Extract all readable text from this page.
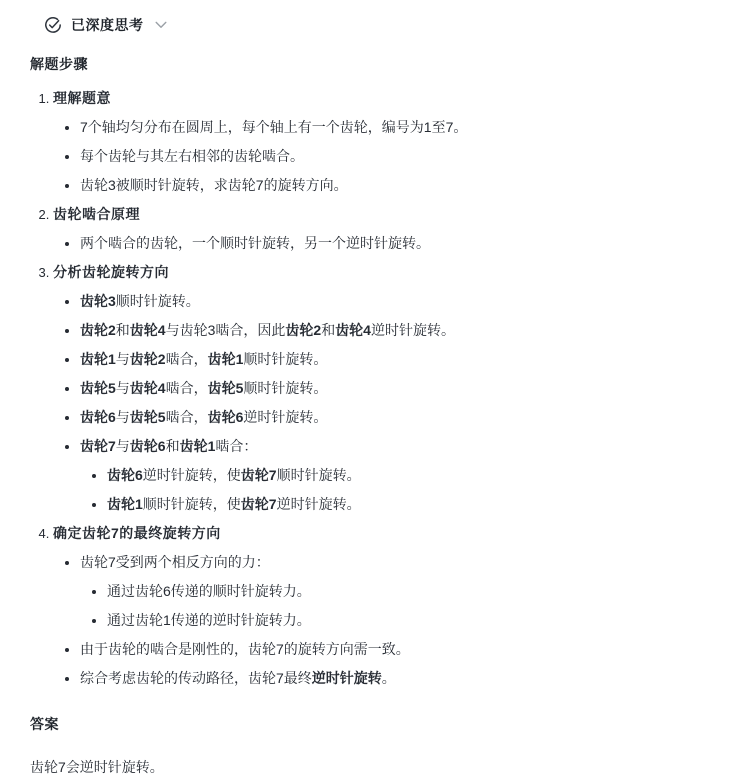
已深度思考
解题步骤
1. 理解题意
• 7个轴均匀分布在圆周上，每个轴上有一个齿轮，编号为1至7。
• 每个齿轮与其左右相邻的齿轮啮合。
• 齿轮3被顺时针旋转，求齿轮7的旋转方向。
2. 齿轮啮合原理
• 两个啮合的齿轮，一个顺时针旋转，另一个逆时针旋转。
3. 分析齿轮旋转方向
• 齿轮3顺时针旋转。
• 齿轮2和齿轮4与齿轮3啮合，因此齿轮2和齿轮4逆时针旋转。
• 齿轮1与齿轮2啮合，齿轮1顺时针旋转。
• 齿轮5与齿轮4啮合，齿轮5顺时针旋转。
• 齿轮6与齿轮5啮合，齿轮6逆时针旋转。
• 齿轮7与齿轮6和齿轮1啮合：
• 齿轮6逆时针旋转，使齿轮7顺时针旋转。
• 齿轮1顺时针旋转，使齿轮7逆时针旋转。
4. 确定齿轮7的最终旋转方向
• 齿轮7受到两个相反方向的力：
• 通过齿轮6传递的顺时针旋转力。
• 通过齿轮1传递的逆时针旋转力。
• 由于齿轮的啮合是刚性的，齿轮7的旋转方向需一致。
• 综合考虑齿轮的传动路径，齿轮7最终逆时针旋转。
答案

齿轮7会逆时针旋转。
